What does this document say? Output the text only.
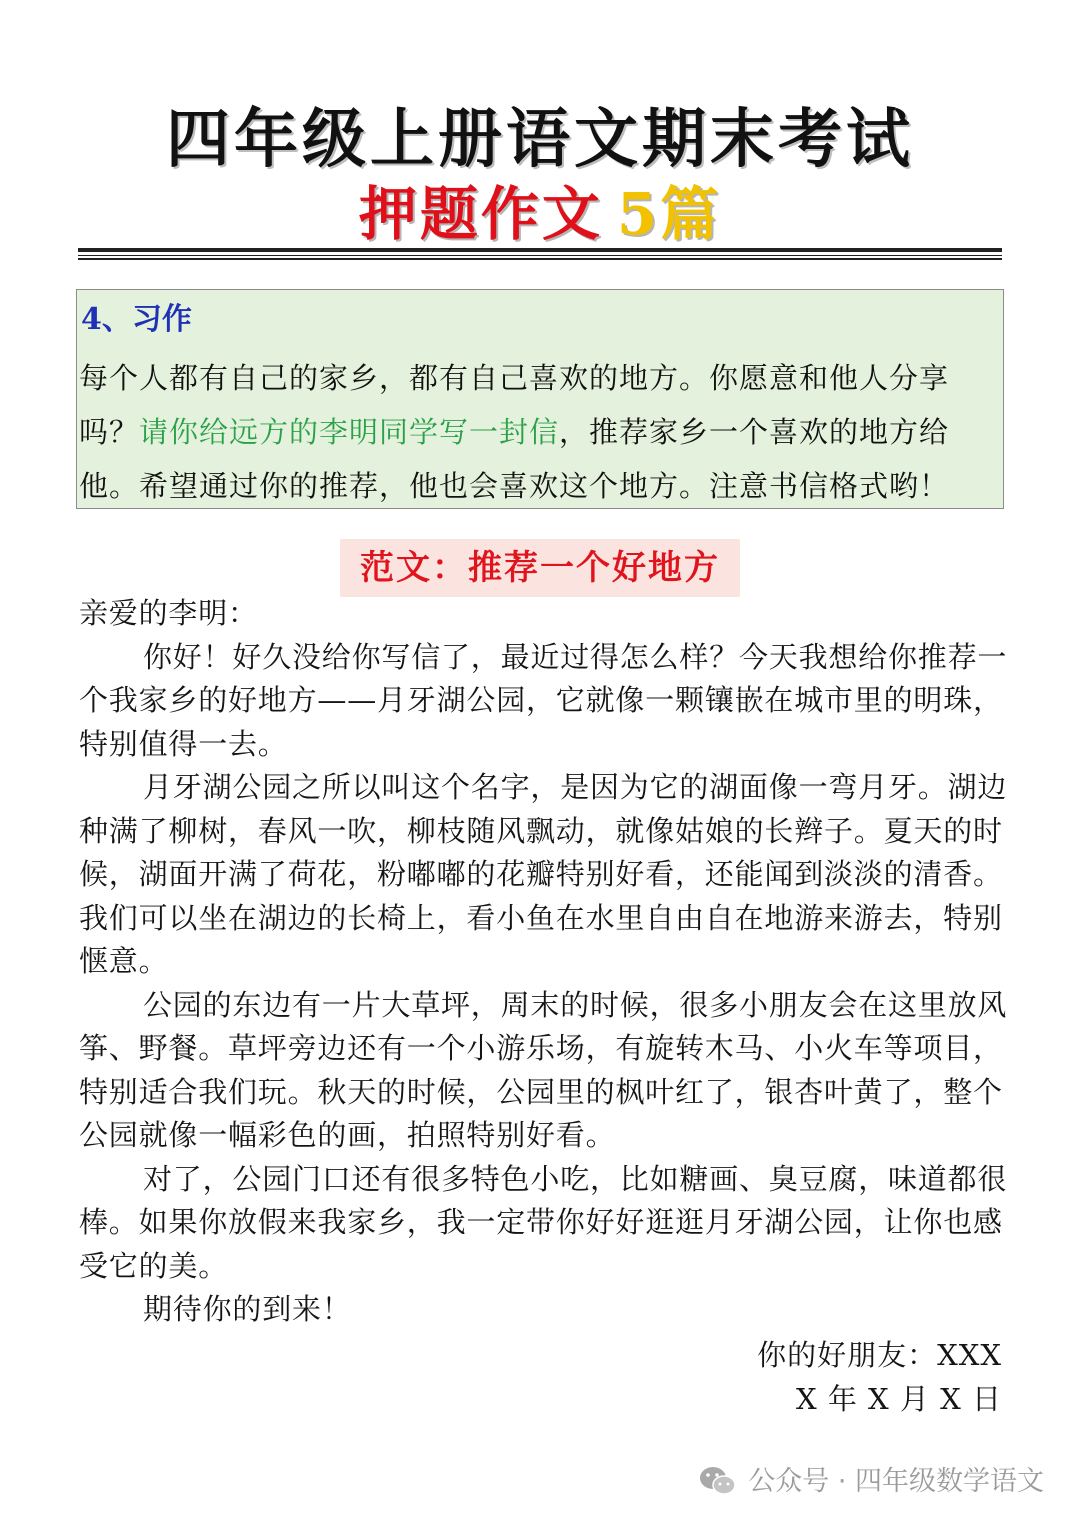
四年级上册语文期末考试
押题作文 5篇
4、习作
每个人都有自己的家乡，都有自己喜欢的地方。你愿意和他人分享吗？请你给远方的李明同学写一封信，推荐家乡一个喜欢的地方给他。希望通过你的推荐，他也会喜欢这个地方。注意书信格式哟！
范文：推荐一个好地方

亲爱的李明：

你好！好久没给你写信了，最近过得怎么样？今天我想给你推荐一个我家乡的好地方——月牙湖公园，它就像一颗镶嵌在城市里的明珠，特别值得一去。

月牙湖公园之所以叫这个名字，是因为它的湖面像一弯月牙。湖边种满了柳树，春风一吹，柳枝随风飘动，就像姑娘的长辫子。夏天的时候，湖面开满了荷花，粉嘟嘟的花瓣特别好看，还能闻到淡淡的清香。我们可以坐在湖边的长椅上，看小鱼在水里自由自在地游来游去，特别惬意。

公园的东边有一片大草坪，周末的时候，很多小朋友会在这里放风筝、野餐。草坪旁边还有一个小游乐场，有旋转木马、小火车等项目，特别适合我们玩。秋天的时候，公园里的枫叶红了，银杏叶黄了，整个公园就像一幅彩色的画，拍照特别好看。

对了，公园门口还有很多特色小吃，比如糖画、臭豆腐，味道都很棒。如果你放假来我家乡，我一定带你好好逛逛月牙湖公园，让你也感受它的美。

期待你的到来！

你的好朋友：XXX
X 年 X 月 X 日
公众号 · 四年级数学语文
